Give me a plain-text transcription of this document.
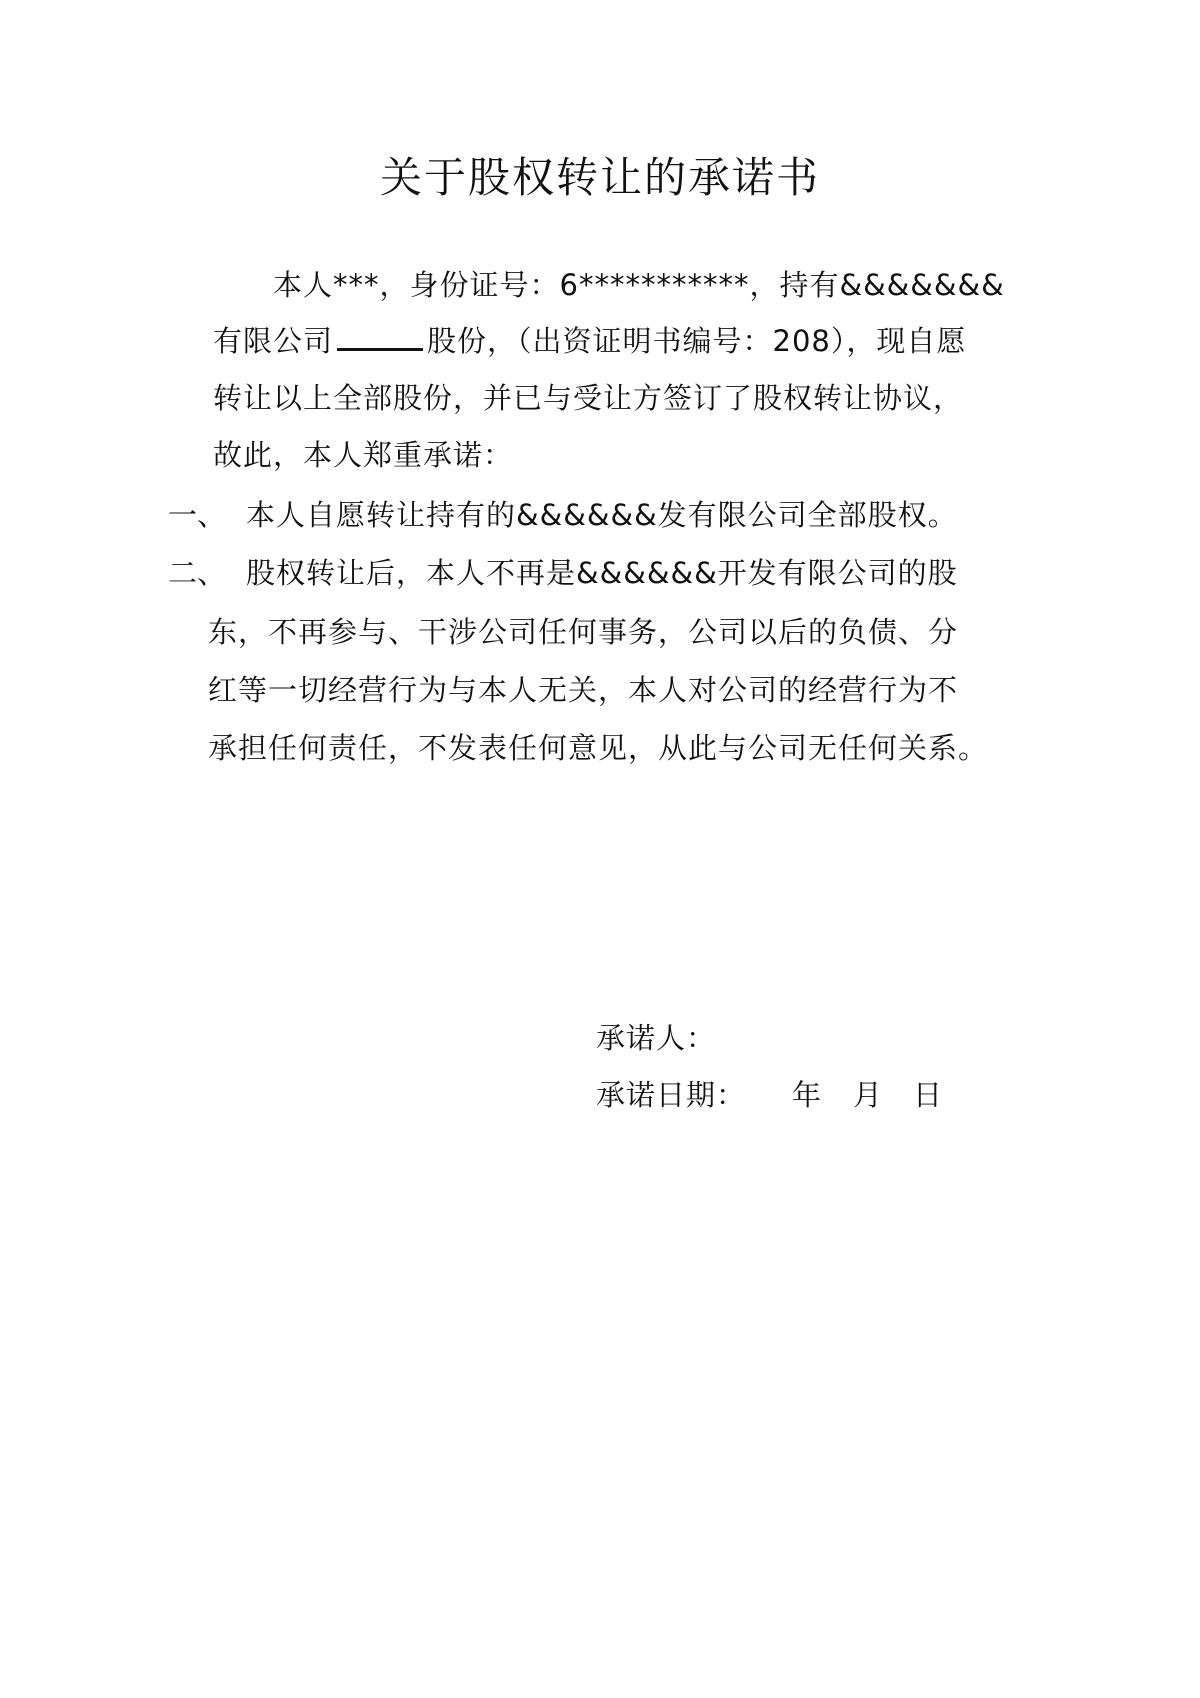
关于股权转让的承诺书
本人***，身份证号：6***********，持有&&&&&&&
有限公司	股份，（出资证明书编号：208），现自愿
转让以上全部股份，并已与受让方签订了股权转让协议，
故此，本人郑重承诺：
一、 本人自愿转让持有的&&&&&&发有限公司全部股权。
二、 股权转让后，本人不再是&&&&&&开发有限公司的股
东，不再参与、干涉公司任何事务，公司以后的负债、分
红等一切经营行为与本人无关，本人对公司的经营行为不
承担任何责任，不发表任何意见，从此与公司无任何关系。
承诺人：
承诺日期： 年 月 日
